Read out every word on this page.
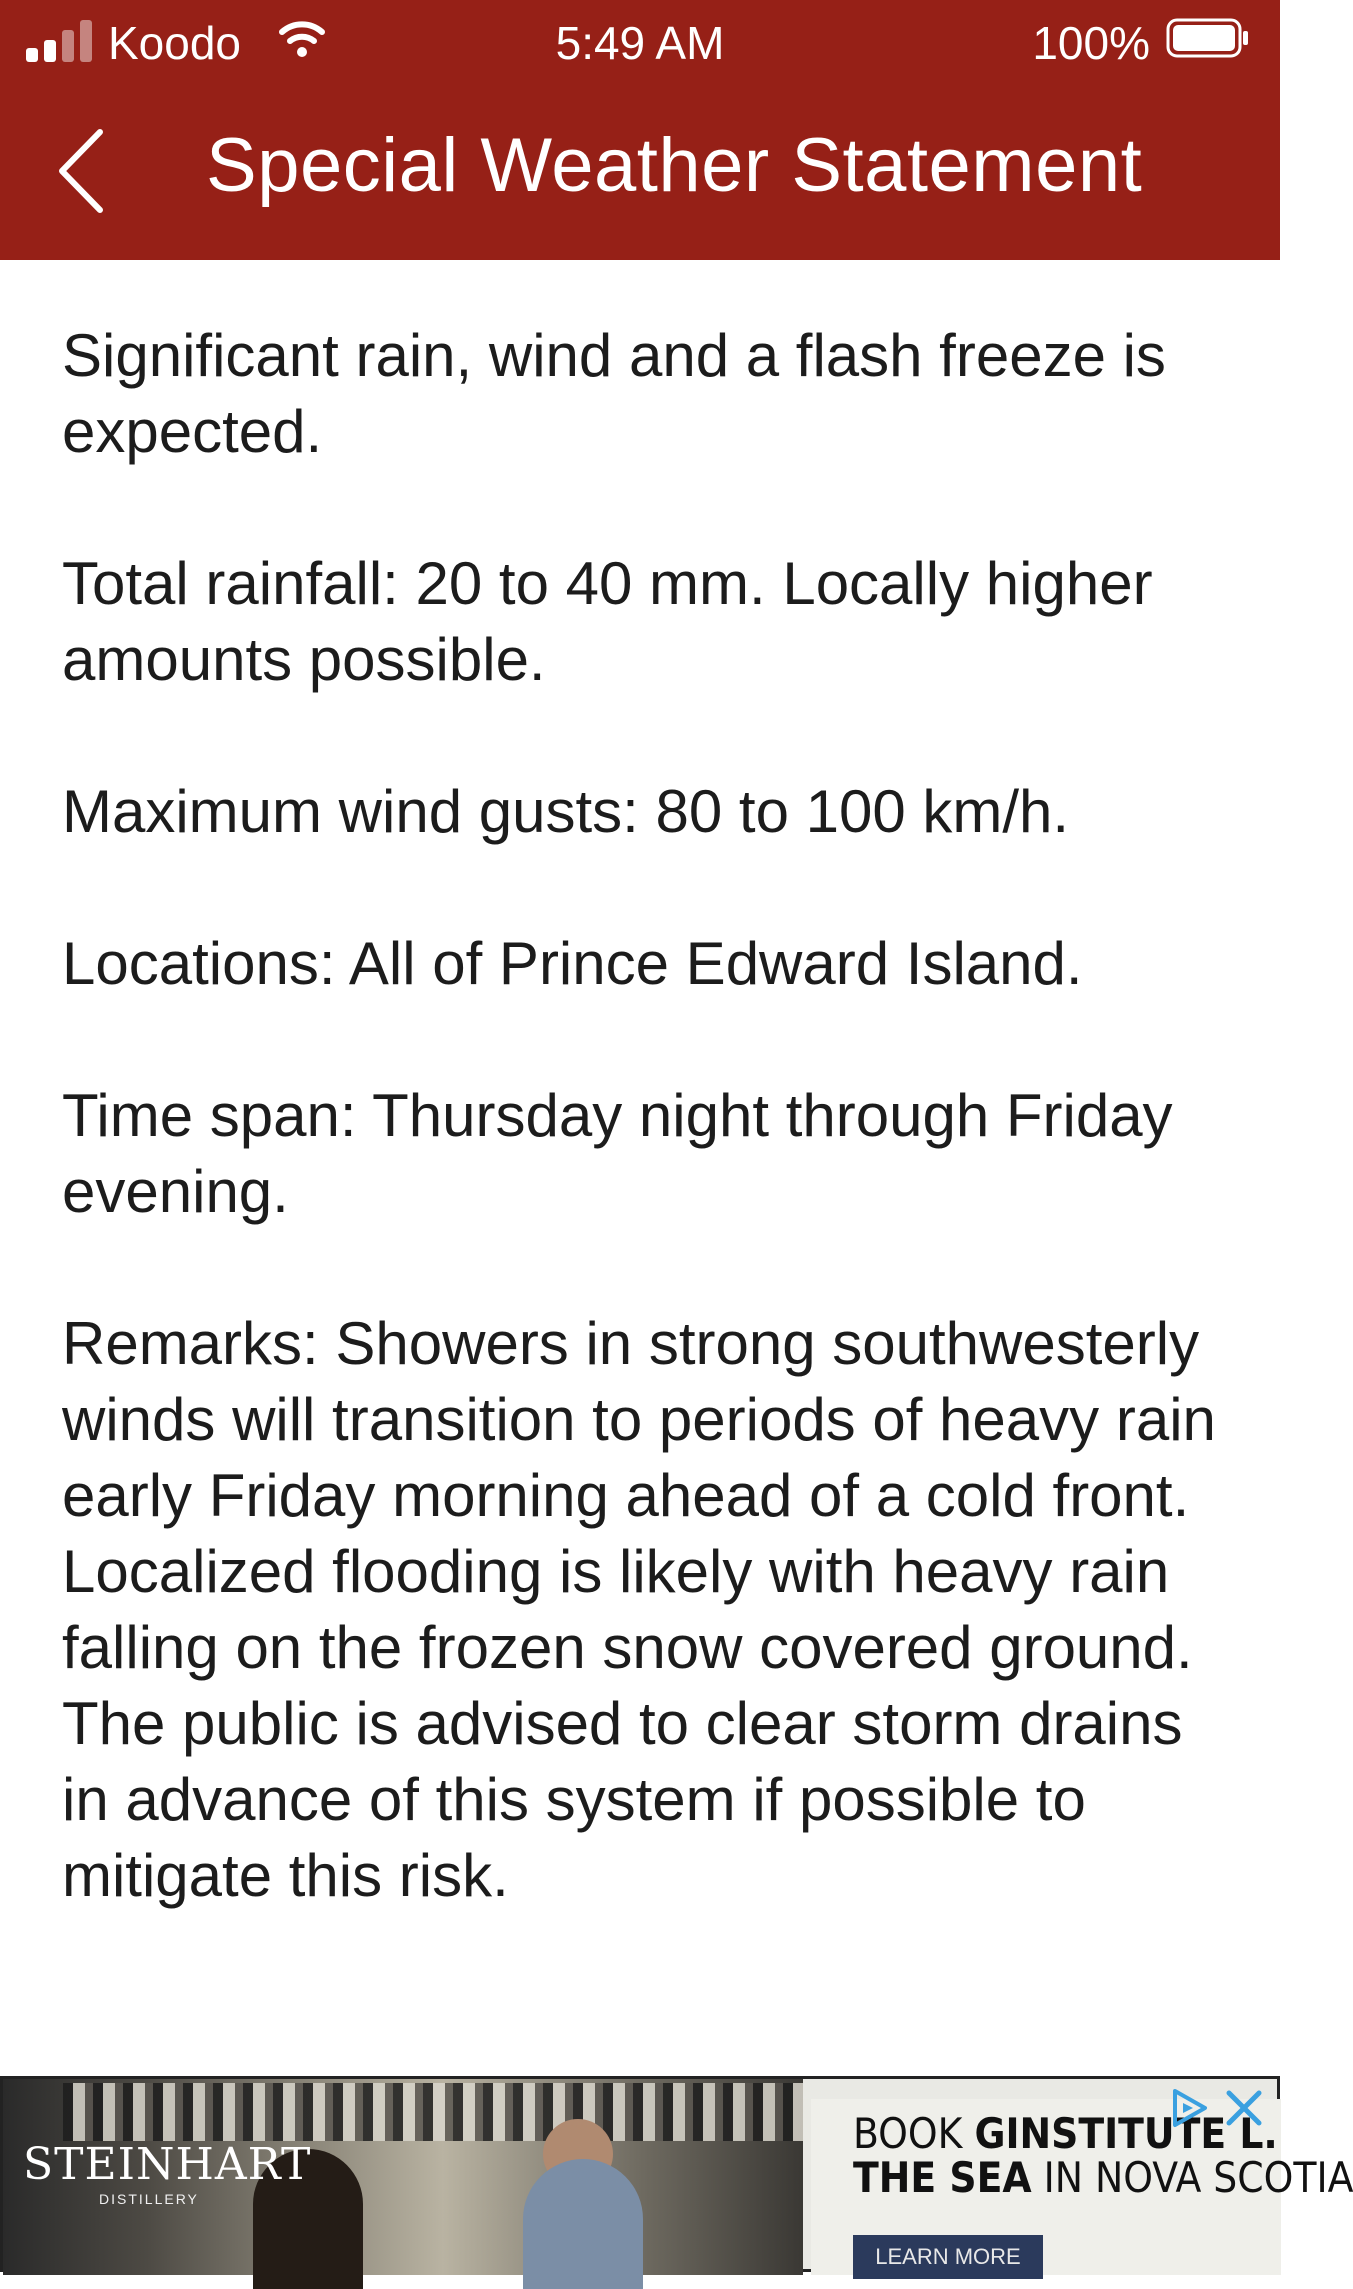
Koodo	5:49 AM	100%
Special Weather Statement

Significant rain, wind and a flash freeze is expected.

Total rainfall: 20 to 40 mm. Locally higher amounts possible.

Maximum wind gusts: 80 to 100 km/h.

Locations: All of Prince Edward Island.

Time span: Thursday night through Friday evening.

Remarks: Showers in strong southwesterly winds will transition to periods of heavy rain early Friday morning ahead of a cold front. Localized flooding is likely with heavy rain falling on the frozen snow covered ground. The public is advised to clear storm drains in advance of this system if possible to mitigate this risk.

STEINHART
DISTILLERY
BOOK GINSTITUTE L.
THE SEA IN NOVA SCOTIA
LEARN MORE
